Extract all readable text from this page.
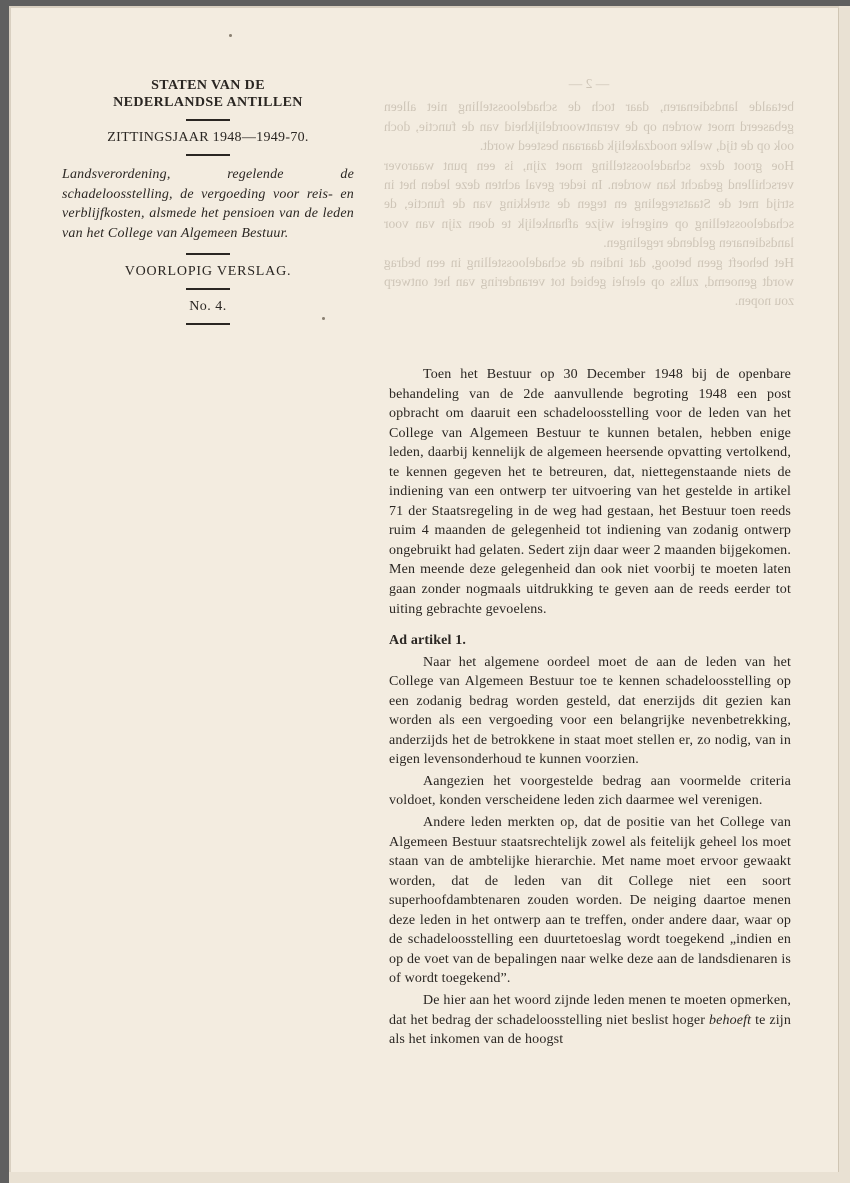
— 2 —

betaalde landsdienaren, daar toch de schadeloosstelling niet alleen gebaseerd moet worden op de verantwoordelijkheid van de functie, doch ook op de tijd, welke noodzakelijk daaraan besteed wordt.

Hoe groot deze schadeloosstelling moet zijn, is een punt waarover verschillend gedacht kan worden. In ieder geval achten deze leden het in strijd met de Staatsregeling en tegen de strekking van de functie, de schadeloosstelling op enigerlei wijze afhankelijk te doen zijn van voor landsdienaren geldende regelingen.

Het behoeft geen betoog, dat indien de schadeloosstelling in een bedrag wordt genoemd, zulks op elerlei gebied tot verandering van het ontwerp zou nopen.

STATEN VAN DE
NEDERLANDSE ANTILLEN
ZITTINGSJAAR 1948—1949-70.

Landsverordening, regelende de schadeloosstelling, de vergoeding voor reis- en verblijfkosten, alsmede het pensioen van de leden van het College van Algemeen Bestuur.

VOORLOPIG VERSLAG.
No. 4.

Toen het Bestuur op 30 December 1948 bij de openbare behandeling van de 2de aanvullende begroting 1948 een post opbracht om daaruit een schadeloosstelling voor de leden van het College van Algemeen Bestuur te kunnen betalen, hebben enige leden, daarbij kennelijk de algemeen heersende opvatting vertolkend, te kennen gegeven het te betreuren, dat, niettegenstaande niets de indiening van een ontwerp ter uitvoering van het gestelde in artikel 71 der Staatsregeling in de weg had gestaan, het Bestuur toen reeds ruim 4 maanden de gelegenheid tot indiening van zodanig ontwerp ongebruikt had gelaten. Sedert zijn daar weer 2 maanden bijgekomen. Men meende deze gelegenheid dan ook niet voorbij te moeten laten gaan zonder nogmaals uitdrukking te geven aan de reeds eerder tot uiting gebrachte gevoelens.

Ad artikel 1.

Naar het algemene oordeel moet de aan de leden van het College van Algemeen Bestuur toe te kennen schadeloosstelling op een zodanig bedrag worden gesteld, dat enerzijds dit gezien kan worden als een vergoeding voor een belangrijke nevenbetrekking, anderzijds het de betrokkene in staat moet stellen er, zo nodig, van in eigen levensonderhoud te kunnen voorzien.

Aangezien het voorgestelde bedrag aan voormelde criteria voldoet, konden verscheidene leden zich daarmee wel verenigen.

Andere leden merkten op, dat de positie van het College van Algemeen Bestuur staatsrechtelijk zowel als feitelijk geheel los moet staan van de ambtelijke hierarchie. Met name moet ervoor gewaakt worden, dat de leden van dit College niet een soort superhoofdambtenaren zouden worden. De neiging daartoe menen deze leden in het ontwerp aan te treffen, onder andere daar, waar op de schadeloosstelling een duurtetoeslag wordt toegekend „indien en op de voet van de bepalingen naar welke deze aan de landsdienaren is of wordt toegekend”.

De hier aan het woord zijnde leden menen te moeten opmerken, dat het bedrag der schadeloosstelling niet beslist hoger behoeft te zijn als het inkomen van de hoogst
